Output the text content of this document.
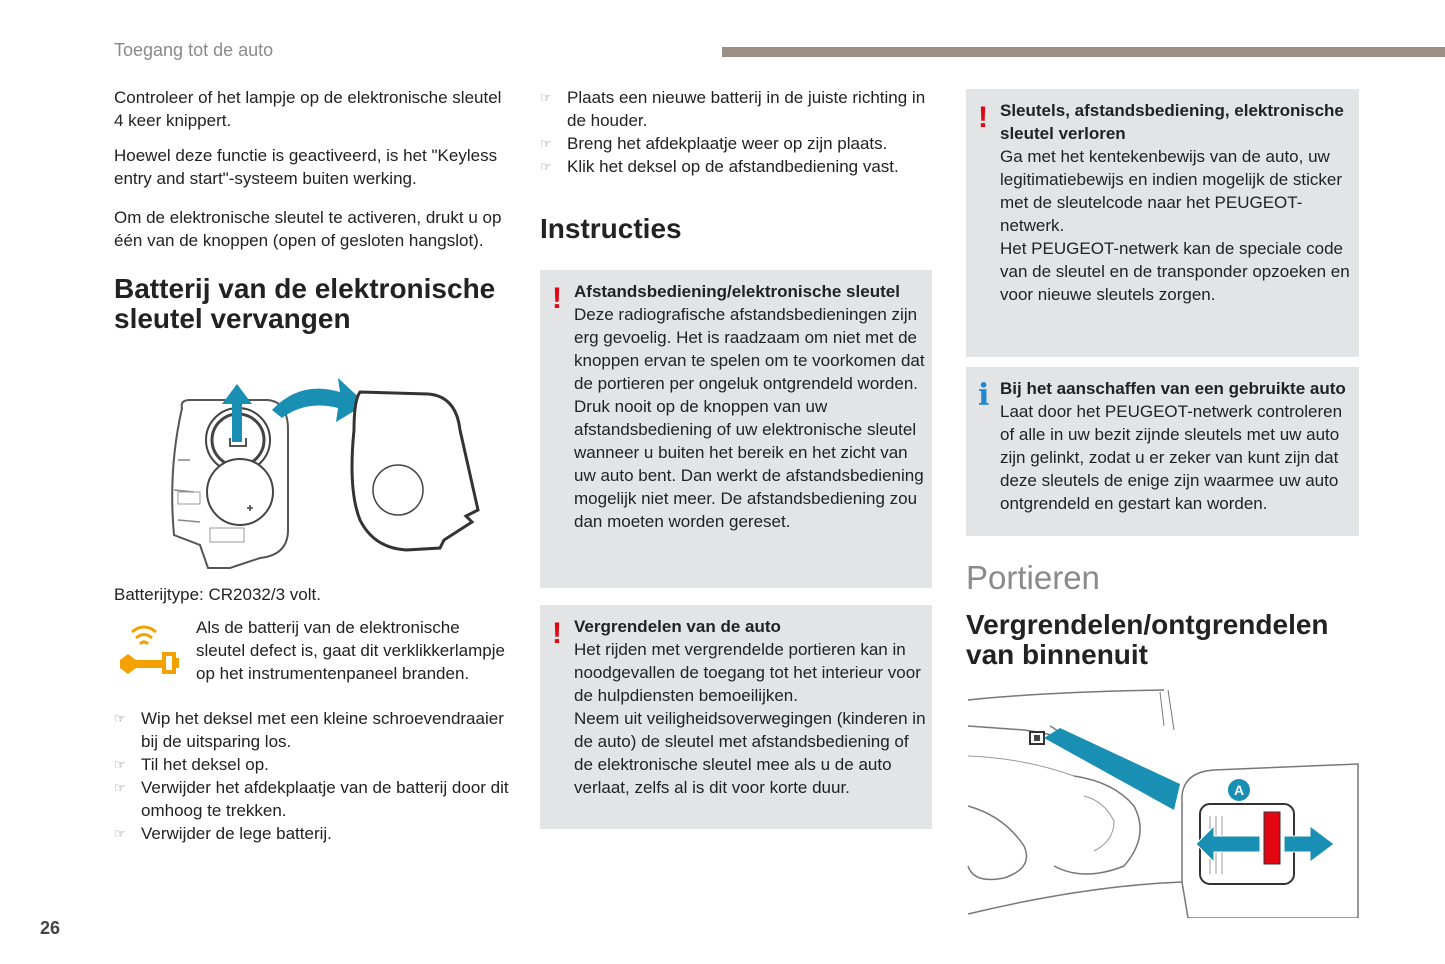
Toegang tot de auto

Controleer of het lampje op de elektronische sleutel 4 keer knippert.

Hoewel deze functie is geactiveerd, is het "Keyless entry and start"-systeem buiten werking.

Om de elektronische sleutel te activeren, drukt u op één van de knoppen (open of gesloten hangslot).

Batterij van de elektronische sleutel vervangen

Batterijtype: CR2032/3 volt.

Als de batterij van de elektronische sleutel defect is, gaat dit verklikkerlampje op het instrumentenpaneel branden.

☞ Wip het deksel met een kleine schroevendraaier bij de uitsparing los.
☞ Til het deksel op.
☞ Verwijder het afdekplaatje van de batterij door dit omhoog te trekken.
☞ Verwijder de lege batterij.
☞ Plaats een nieuwe batterij in de juiste richting in de houder.
☞ Breng het afdekplaatje weer op zijn plaats.
☞ Klik het deksel op de afstandbediening vast.
Instructies
! Afstandsbediening/elektronische sleutel

Deze radiografische afstandsbedieningen zijn erg gevoelig. Het is raadzaam om niet met de knoppen ervan te spelen om te voorkomen dat de portieren per ongeluk ontgrendeld worden.

Druk nooit op de knoppen van uw afstandsbediening of uw elektronische sleutel wanneer u buiten het bereik en het zicht van uw auto bent. Dan werkt de afstandsbediening mogelijk niet meer. De afstandsbediening zou dan moeten worden gereset.

! Vergrendelen van de auto

Het rijden met vergrendelde portieren kan in noodgevallen de toegang tot het interieur voor de hulpdiensten bemoeilijken.

Neem uit veiligheidsoverwegingen (kinderen in de auto) de sleutel met afstandsbediening of de elektronische sleutel mee als u de auto verlaat, zelfs al is dit voor korte duur.

! Sleutels, afstandsbediening, elektronische sleutel verloren

Ga met het kentekenbewijs van de auto, uw legitimatiebewijs en indien mogelijk de sticker met de sleutelcode naar het PEUGEOT-netwerk.

Het PEUGEOT-netwerk kan de speciale code van de sleutel en de transponder opzoeken en voor nieuwe sleutels zorgen.

i Bij het aanschaffen van een gebruikte auto

Laat door het PEUGEOT-netwerk controleren of alle in uw bezit zijnde sleutels met uw auto zijn gelinkt, zodat u er zeker van kunt zijn dat deze sleutels de enige zijn waarmee uw auto ontgrendeld en gestart kan worden.

Portieren
Vergrendelen/ontgrendelen van binnenuit
A
26
